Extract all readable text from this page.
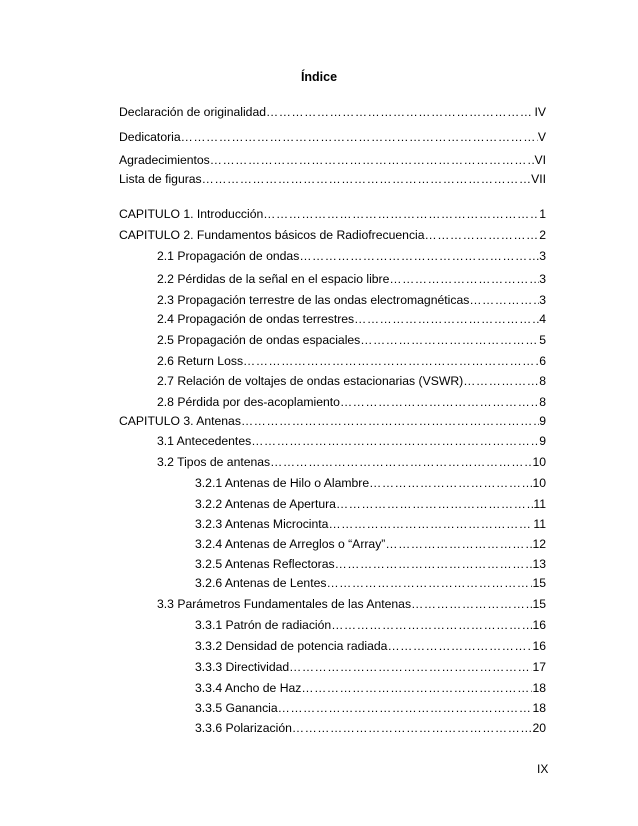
Índice
Declaración de originalidad …………………………………………………………………………………………………………………………………………………………………	IV
Dedicatoria …………………………………………………………………………………………………………………………………………………………………	V
Agradecimientos …………………………………………………………………………………………………………………………………………………………………	VI
Lista de figuras …………………………………………………………………………………………………………………………………………………………………	VII
CAPITULO 1. Introducción …………………………………………………………………………………………………………………………………………………………………	1
CAPITULO 2. Fundamentos básicos de Radiofrecuencia …………………………………………………………………………………………………………………………………………………………………	2
2.1 Propagación de ondas …………………………………………………………………………………………………………………………………………………………………	3
2.2 Pérdidas de la señal en el espacio libre …………………………………………………………………………………………………………………………………………………………………	3
2.3 Propagación terrestre de las ondas electromagnéticas …………………………………………………………………………………………………………………………………………………………………	3
2.4 Propagación de ondas terrestres …………………………………………………………………………………………………………………………………………………………………	4
2.5 Propagación de ondas espaciales …………………………………………………………………………………………………………………………………………………………………	5
2.6 Return Loss …………………………………………………………………………………………………………………………………………………………………	6
2.7 Relación de voltajes de ondas estacionarias (VSWR) …………………………………………………………………………………………………………………………………………………………………	8
2.8 Pérdida por des-acoplamiento …………………………………………………………………………………………………………………………………………………………………	8
CAPITULO 3. Antenas …………………………………………………………………………………………………………………………………………………………………	9
3.1 Antecedentes …………………………………………………………………………………………………………………………………………………………………	9
3.2 Tipos de antenas …………………………………………………………………………………………………………………………………………………………………	10
3.2.1 Antenas de Hilo o Alambre …………………………………………………………………………………………………………………………………………………………………	10
3.2.2 Antenas de Apertura …………………………………………………………………………………………………………………………………………………………………	11
3.2.3 Antenas Microcinta …………………………………………………………………………………………………………………………………………………………………	11
3.2.4 Antenas de Arreglos o “Array” …………………………………………………………………………………………………………………………………………………………………	12
3.2.5 Antenas Reflectoras …………………………………………………………………………………………………………………………………………………………………	13
3.2.6 Antenas de Lentes …………………………………………………………………………………………………………………………………………………………………	15
3.3 Parámetros Fundamentales de las Antenas …………………………………………………………………………………………………………………………………………………………………	15
3.3.1 Patrón de radiación …………………………………………………………………………………………………………………………………………………………………	16
3.3.2 Densidad de potencia radiada …………………………………………………………………………………………………………………………………………………………………	16
3.3.3 Directividad …………………………………………………………………………………………………………………………………………………………………	17
3.3.4 Ancho de Haz …………………………………………………………………………………………………………………………………………………………………	18
3.3.5 Ganancia …………………………………………………………………………………………………………………………………………………………………	18
3.3.6 Polarización …………………………………………………………………………………………………………………………………………………………………	20
IX
